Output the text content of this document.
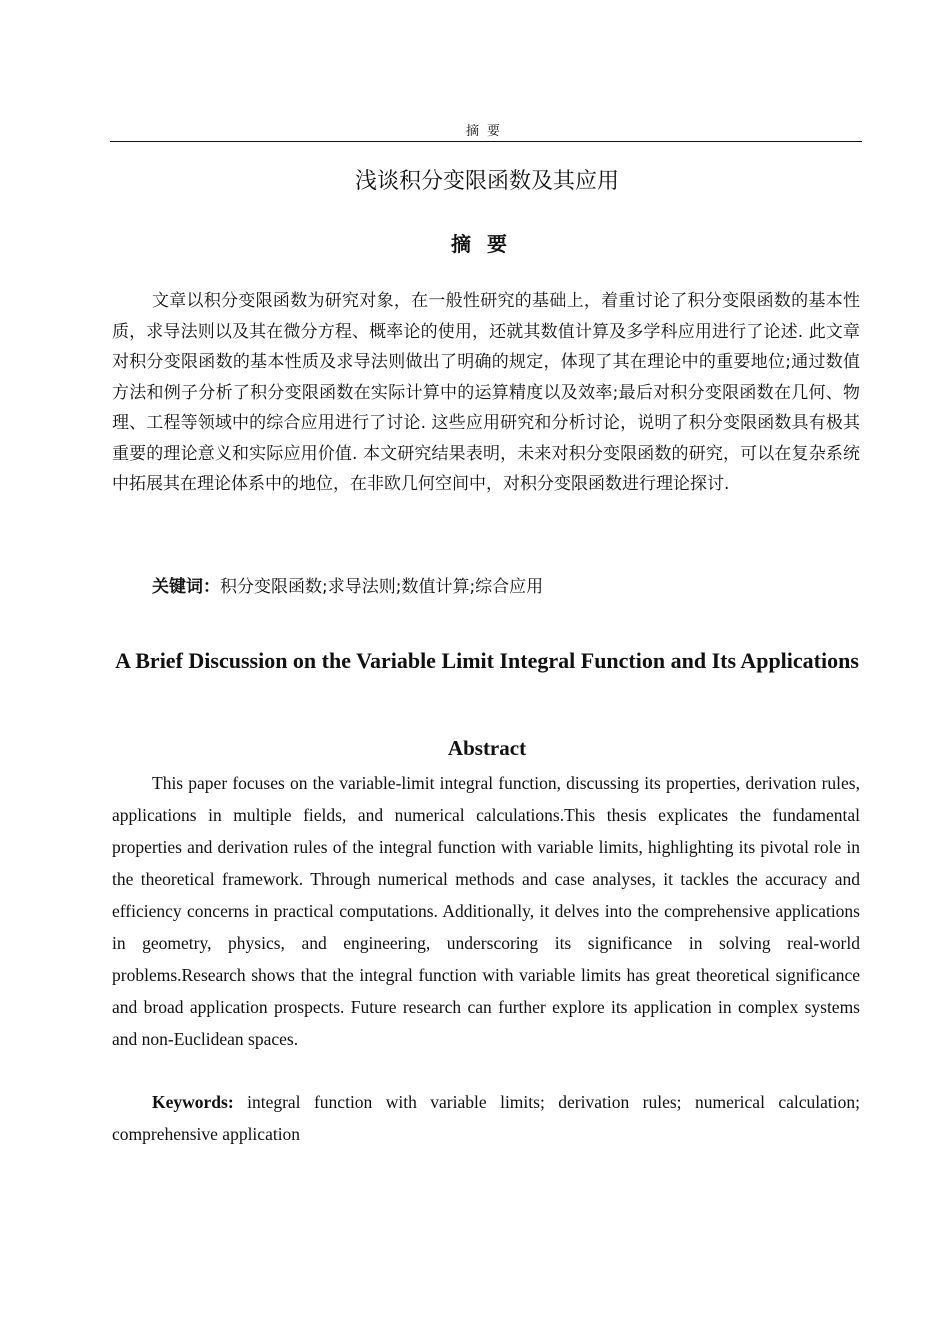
摘要
浅谈积分变限函数及其应用
摘要

文章以积分变限函数为研究对象，在一般性研究的基础上，着重讨论了积分变限函数的基本性质，求导法则以及其在微分方程、概率论的使用，还就其数值计算及多学科应用进行了论述. 此文章对积分变限函数的基本性质及求导法则做出了明确的规定，体现了其在理论中的重要地位;通过数值方法和例子分析了积分变限函数在实际计算中的运算精度以及效率;最后对积分变限函数在几何、物理、工程等领域中的综合应用进行了讨论. 这些应用研究和分析讨论，说明了积分变限函数具有极其重要的理论意义和实际应用价值. 本文研究结果表明，未来对积分变限函数的研究，可以在复杂系统中拓展其在理论体系中的地位，在非欧几何空间中，对积分变限函数进行理论探讨.

关键词：积分变限函数;求导法则;数值计算;综合应用

A Brief Discussion on the Variable Limit Integral Function and Its Applications
Abstract

This paper focuses on the variable-limit integral function, discussing its properties, derivation rules, applications in multiple fields, and numerical calculations.This thesis explicates the fundamental properties and derivation rules of the integral function with variable limits, highlighting its pivotal role in the theoretical framework. Through numerical methods and case analyses, it tackles the accuracy and efficiency concerns in practical computations. Additionally, it delves into the comprehensive applications in geometry, physics, and engineering, underscoring its significance in solving real-world problems.Research shows that the integral function with variable limits has great theoretical significance and broad application prospects. Future research can further explore its application in complex systems and non-Euclidean spaces.

Keywords: integral function with variable limits; derivation rules; numerical calculation; comprehensive application
